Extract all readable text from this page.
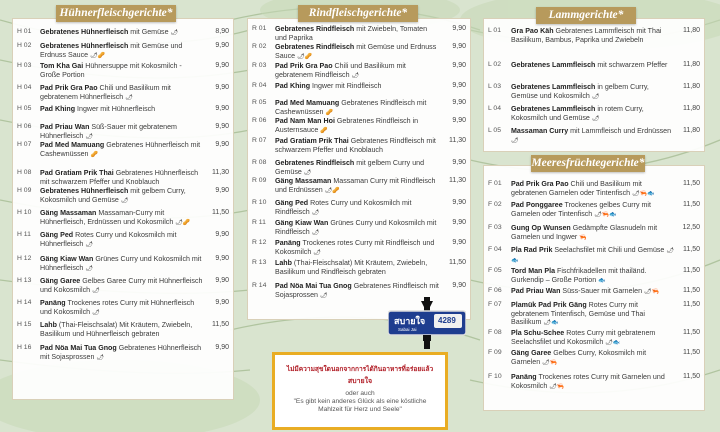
H 01 Gebratenes Hühnerfleisch mit Gemüse 🌶	8,90
H 02 Gebratenes Hühnerfleisch mit Gemüse und Erdnuss Sauce 🌶🥜
9,90
H 03 Tom Kha Gai Hühnersuppe mit Kokosmilch - Große Portion
9,90
H 04 Pad Prik Gra Pao Chili und Basilikum mit gebratenem Hühnerfleisch 🌶
9,90
H 05 Pad Khing Ingwer mit Hühnerfleisch	9,90
H 06 Pad Priau Wan Süß-Sauer mit gebratenem Hühnerfleisch 🌶
9,90
H 07 Pad Med Mamuang Gebratenes Hühnerfleisch mit Cashewnüssen 🥜
9,90
H 08 Pad Gratiam Prik Thai Gebratenes Hühnerfleisch mit schwarzem Pfeffer und Knoblauch
11,30
H 09 Gebratenes Hühnerfleisch mit gelbem Curry, Kokosmilch und Gemüse 🌶
9,90
H 10 Gäng Massaman Massaman-Curry mit Hühnerfleisch, Erdnüssen und Kokosmilch 🌶🥜
11,50
H 11 Gäng Ped Rotes Curry und Kokosmilch mit Hühnerfleisch 🌶
9,90
H 12 Gäng Kiaw Wan Grünes Curry und Kokosmilch mit Hühnerfleisch 🌶
9,90
H 13 Gäng Garee Gelbes Garee Curry mit Hühnerfleisch und Kokosmilch 🌶
9,90
H 14 Panäng Trockenes rotes Curry mit Hühnerfleisch und Kokosmilch 🌶
9,90
H 15 Lahb (Thai-Fleischsalat) Mit Kräutern, Zwiebeln, Basilikum und Hühnerfleisch gebraten
11,50
H 16 Pad Nöa Mai Tua Gnog Gebratenes Hühnerfleisch mit Sojasprossen 🌶
9,90
Hühnerfleischgerichte*
R 01 Gebratenes Rindfleisch mit Zwiebeln, Tomaten und Paprika
9,90
R 02 Gebratenes Rindfleisch mit Gemüse und Erdnuss Sauce 🌶🥜
9,90
R 03 Pad Prik Gra Pao Chili und Basilikum mit gebratenem Rindfleisch 🌶
9,90
R 04 Pad Khing Ingwer mit Rindfleisch	9,90
R 05 Pad Med Mamuang Gebratenes Rindfleisch mit Cashewnüssen 🥜
9,90
R 06 Pad Nam Man Hoi Gebratenes Rindfleisch in Austernsauce 🥜
9,90
R 07 Pad Gratiam Prik Thai Gebratenes Rindfleisch mit schwarzem Pfeffer und Knoblauch
11,30
R 08 Gebratenes Rindfleisch mit gelbem Curry und Gemüse 🌶
9,90
R 09 Gäng Massaman Massaman Curry mit Rindfleisch und Erdnüssen 🌶🥜
11,30
R 10 Gäng Ped Rotes Curry und Kokosmilch mit Rindfleisch 🌶
9,90
R 11 Gäng Kiaw Wan Grünes Curry und Kokosmilch mit Rindfleisch 🌶
9,90
R 12 Panäng Trockenes rotes Curry mit Rindfleisch und Kokosmilch 🌶
9,90
R 13 Lahb (Thai-Fleischsalat) Mit Kräutern, Zwiebeln, Basilikum und Rindfleisch gebraten
11,50
R 14 Pad Nöa Mai Tua Gnog Gebratenes Rindfleisch mit Sojasprossen 🌶
9,90
Rindfleischgerichte*
L 01 Gra Pao Käh Gebratenes Lammfleisch mit Thai Basilikum, Bambus, Paprika und Zwiebeln
11,80
L 02 Gebratenes Lammfleisch mit schwarzem Pfeffer	11,80
L 03 Gebratenes Lammfleisch in gelbem Curry, Gemüse und Kokosmilch 🌶
11,80
L 04 Gebratenes Lammfleisch in rotem Curry, Kokosmilch und Gemüse 🌶
11,80
L 05 Massaman Curry mit Lammfleisch und Erdnüssen 🌶
11,80
Lammgerichte*
F 01 Pad Prik Gra Pao Chili und Basilikum mit gebratenen Garnelen oder Tintenfisch 🌶🦐🐟
11,50
F 02 Pad Ponggaree Trockenes gelbes Curry mit Garnelen oder Tintenfisch 🌶🦐🐟
11,50
F 03 Gung Op Wunsen Gedämpfte Glasnudeln mit Garnelen und Ingwer 🦐
12,50
F 04 Pla Rad Prik Seelachsfilet mit Chili und Gemüse 🌶🐟
11,50
F 05 Tord Man Pla Fischfrikadellen mit thailänd. Gurkendip – Große Portion 🐟
11,50
F 06 Pad Priau Wan Süss-Sauer mit Garnelen 🌶🦐	11,50
F 07 Plamük Pad Prik Gäng Rotes Curry mit gebratenem Tintenfisch, Gemüse und Thai Basilikum 🌶🐟
11,50
F 08 Pla Schu-Schee Rotes Curry mit gebratenem Seelachsfilet und Kokosmilch 🌶🐟
11,50
F 09 Gäng Garee Gelbes Curry, Kokosmilch mit Garnelen 🌶🦐
11,50
F 10 Panäng Trockenes rotes Curry mit Garnelen und Kokosmilch 🌶🦐
11,50
Meeresfrüchtegerichte*
สบายใจ
Sabai Jai
4289
ไม่มีความสุขใดนอกจากการได้กินอาหารที่อร่อยแล้ว
สบายใจ
oder auch
"Es gibt kein anderes Glück als eine köstliche Mahlzeit für Herz und Seele"
